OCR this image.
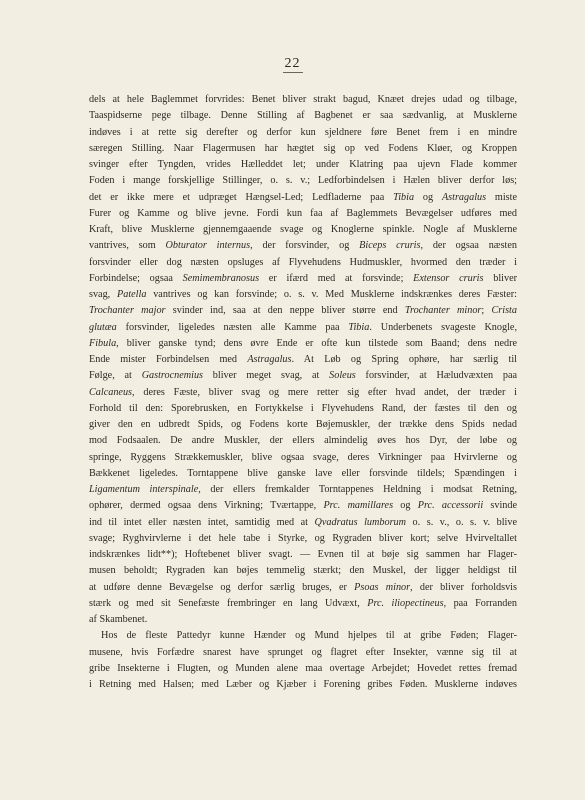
22
dels at hele Baglemmet forvrides: Benet bliver strakt bagud, Knæet drejes udad og tilbage,
Taaspidserne pege tilbage. Denne Stilling af Bagbenet er saa sædvanlig, at Musklerne
indøves i at rette sig derefter og derfor kun sjeldnere føre Benet frem i en mindre
særegen Stilling. Naar Flagermusen har hægtet sig op ved Fodens Kløer, og Kroppen
svinger efter Tyngden, vrides Hælleddet let; under Klatring paa ujevn Flade kommer
Foden i mange forskjellige Stillinger, o. s. v.; Ledforbindelsen i Hælen bliver derfor løs;
det er ikke mere et udpræget Hængsel-Led; Ledfladerne paa Tibia og Astragalus miste
Furer og Kamme og blive jevne. Fordi kun faa af Baglemmets Bevægelser udføres med
Kraft, blive Musklerne gjennemgaaende svage og Knoglerne spinkle. Nogle af Musklerne
vantrives, som Obturator internus, der forsvinder, og Biceps cruris, der ogsaa næsten
forsvinder eller dog næsten opsluges af Flyvehudens Hudmuskler, hvormed den træder i
Forbindelse; ogsaa Semimembranosus er ifærd med at forsvinde; Extensor cruris bliver
svag, Patella vantrives og kan forsvinde; o. s. v. Med Musklerne indskrænkes deres Fæster:
Trochanter major svinder ind, saa at den neppe bliver større end Trochanter minor; Crista
glutæa forsvinder, ligeledes næsten alle Kamme paa Tibia. Underbenets svageste Knogle,
Fibula, bliver ganske tynd; dens øvre Ende er ofte kun tilstede som Baand; dens nedre
Ende mister Forbindelsen med Astragalus. At Løb og Spring ophøre, har særlig til
Følge, at Gastrocnemius bliver meget svag, at Soleus forsvinder, at Hæludvæxten paa
Calcaneus, deres Fæste, bliver svag og mere retter sig efter hvad andet, der træder i
Forhold til den: Sporebrusken, en Fortykkelse i Flyvehudens Rand, der fæstes til den og
giver den en udbredt Spids, og Fodens korte Bøjemuskler, der trække dens Spids nedad
mod Fodsaalen. De andre Muskler, der ellers almindelig øves hos Dyr, der løbe og
springe, Ryggens Strækkemuskler, blive ogsaa svage, deres Virkninger paa Hvirvlerne og
Bækkenet ligeledes. Torntappene blive ganske lave eller forsvinde tildels; Spændingen i
Ligamentum interspinale, der ellers fremkalder Torntappenes Heldning i modsat Retning,
ophører, dermed ogsaa dens Virkning; Tværtappe, Prc. mamillares og Prc. accessorii svinde
ind til intet eller næsten intet, samtidig med at Qvadratus lumborum o. s. v., o. s. v. blive
svage; Ryghvirvlerne i det hele tabe i Styrke, og Rygraden bliver kort; selve Hvirveltallet
indskrænkes lidt**); Hoftebenet bliver svagt. — Evnen til at bøje sig sammen har Flager-
musen beholdt; Rygraden kan bøjes temmelig stærkt; den Muskel, der ligger heldigst til
at udføre denne Bevægelse og derfor særlig bruges, er Psoas minor, der bliver forholdsvis
stærk og med sit Senefæste frembringer en lang Udvæxt, Prc. iliopectineus, paa Forranden
af Skambenet.
Hos de fleste Pattedyr kunne Hænder og Mund hjelpes til at gribe Føden; Flager-
musene, hvis Forfædre snarest have sprunget og flagret efter Insekter, vænne sig til at
gribe Insekterne i Flugten, og Munden alene maa overtage Arbejdet; Hovedet rettes fremad
i Retning med Halsen; med Læber og Kjæber i Forening gribes Føden. Musklerne indøves
